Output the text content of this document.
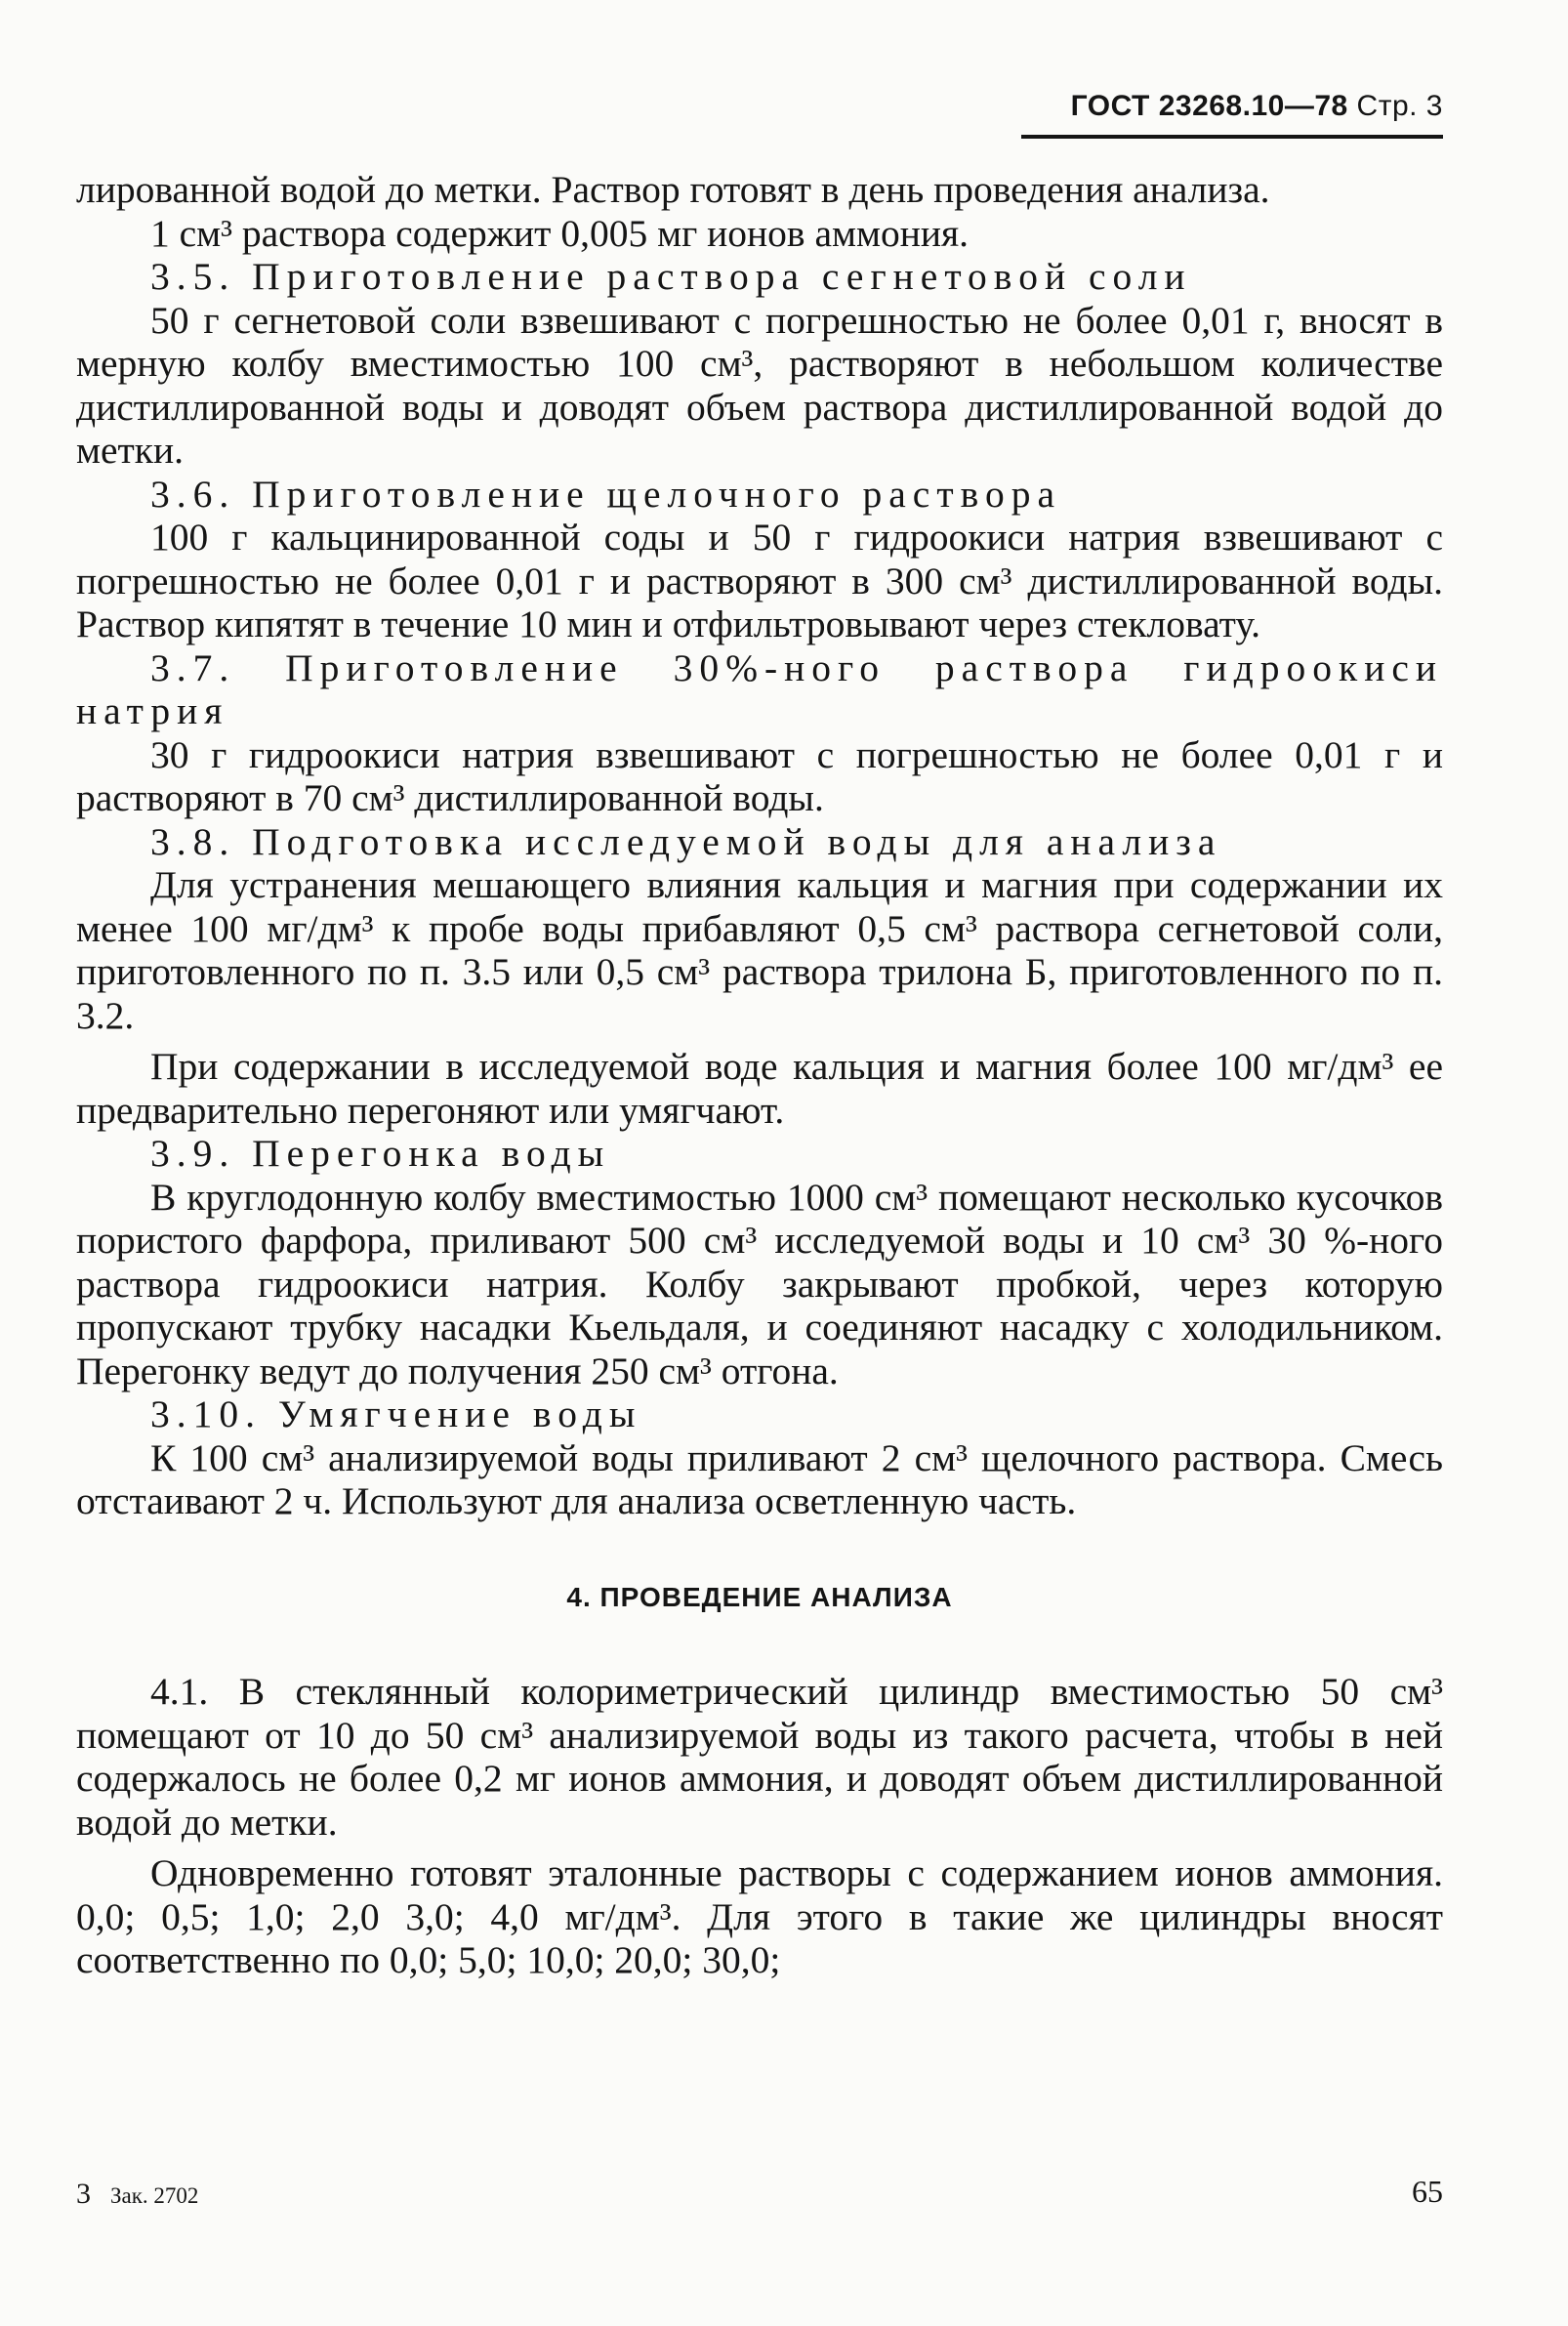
ГОСТ 23268.10—78 Стр. 3

лированной водой до метки. Раствор готовят в день проведения анализа.

1 см³ раствора содержит 0,005 мг ионов аммония.

3.5. Приготовление раствора сегнетовой соли

50 г сегнетовой соли взвешивают с погрешностью не более 0,01 г, вносят в мерную колбу вместимостью 100 см³, растворяют в небольшом количестве дистиллированной воды и доводят объем раствора дистиллированной водой до метки.

3.6. Приготовление щелочного раствора

100 г кальцинированной соды и 50 г гидроокиси натрия взвешивают с погрешностью не более 0,01 г и растворяют в 300 см³ дистиллированной воды. Раствор кипятят в течение 10 мин и отфильтровывают через стекловату.

3.7. Приготовление 30%-ного раствора гидроокиси натрия

30 г гидроокиси натрия взвешивают с погрешностью не более 0,01 г и растворяют в 70 см³ дистиллированной воды.

3.8. Подготовка исследуемой воды для анализа

Для устранения мешающего влияния кальция и магния при содержании их менее 100 мг/дм³ к пробе воды прибавляют 0,5 см³ раствора сегнетовой соли, приготовленного по п. 3.5 или 0,5 см³ раствора трилона Б, приготовленного по п. 3.2.

При содержании в исследуемой воде кальция и магния более 100 мг/дм³ ее предварительно перегоняют или умягчают.

3.9. Перегонка воды

В круглодонную колбу вместимостью 1000 см³ помещают несколько кусочков пористого фарфора, приливают 500 см³ исследуемой воды и 10 см³ 30 %-ного раствора гидроокиси натрия. Колбу закрывают пробкой, через которую пропускают трубку насадки Кьельдаля, и соединяют насадку с холодильником. Перегонку ведут до получения 250 см³ отгона.

3.10. Умягчение воды

К 100 см³ анализируемой воды приливают 2 см³ щелочного раствора. Смесь отстаивают 2 ч. Используют для анализа осветленную часть.

4. ПРОВЕДЕНИЕ АНАЛИЗА

4.1. В стеклянный колориметрический цилиндр вместимостью 50 см³ помещают от 10 до 50 см³ анализируемой воды из такого расчета, чтобы в ней содержалось не более 0,2 мг ионов аммония, и доводят объем дистиллированной водой до метки.

Одновременно готовят эталонные растворы с содержанием ионов аммония. 0,0; 0,5; 1,0; 2,0 3,0; 4,0 мг/дм³. Для этого в такие же цилиндры вносят соответственно по 0,0; 5,0; 10,0; 20,0; 30,0;

3 Зак. 2702	65
